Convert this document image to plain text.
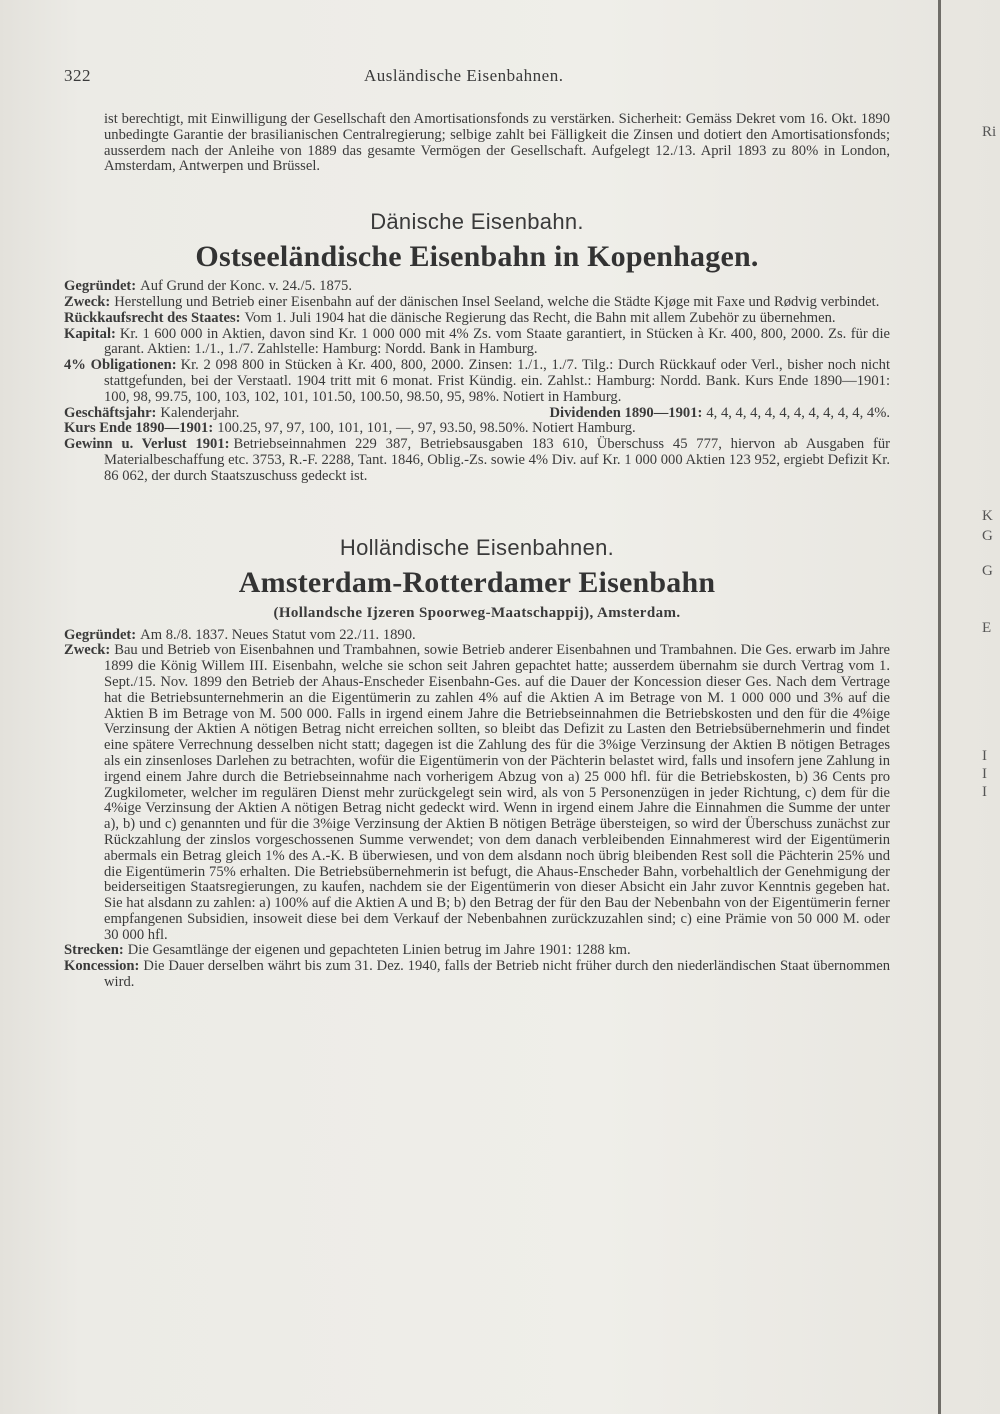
Ri
K
G
G
E
I
I
I
322	Ausländische Eisenbahnen.

ist berechtigt, mit Einwilligung der Gesellschaft den Amortisationsfonds zu verstärken. Sicherheit: Gemäss Dekret vom 16. Okt. 1890 unbedingte Garantie der brasilianischen Centralregierung; selbige zahlt bei Fälligkeit die Zinsen und dotiert den Amortisationsfonds; ausserdem nach der Anleihe von 1889 das gesamte Vermögen der Gesellschaft. Aufgelegt 12./13. April 1893 zu 80% in London, Amsterdam, Antwerpen und Brüssel.

Dänische Eisenbahn.
Ostseeländische Eisenbahn in Kopenhagen.

Gegründet: Auf Grund der Konc. v. 24./5. 1875.

Zweck: Herstellung und Betrieb einer Eisenbahn auf der dänischen Insel Seeland, welche die Städte Kjøge mit Faxe und Rødvig verbindet.

Rückkaufsrecht des Staates: Vom 1. Juli 1904 hat die dänische Regierung das Recht, die Bahn mit allem Zubehör zu übernehmen.

Kapital: Kr. 1 600 000 in Aktien, davon sind Kr. 1 000 000 mit 4% Zs. vom Staate garantiert, in Stücken à Kr. 400, 800, 2000. Zs. für die garant. Aktien: 1./1., 1./7. Zahlstelle: Hamburg: Nordd. Bank in Hamburg.

4% Obligationen: Kr. 2 098 800 in Stücken à Kr. 400, 800, 2000. Zinsen: 1./1., 1./7. Tilg.: Durch Rückkauf oder Verl., bisher noch nicht stattgefunden, bei der Verstaatl. 1904 tritt mit 6 monat. Frist Kündig. ein. Zahlst.: Hamburg: Nordd. Bank. Kurs Ende 1890—1901: 100, 98, 99.75, 100, 103, 102, 101, 101.50, 100.50, 98.50, 95, 98%. Notiert in Hamburg.

Geschäftsjahr: Kalenderjahr.	Dividenden 1890—1901: 4, 4, 4, 4, 4, 4, 4, 4, 4, 4, 4, 4%.

Kurs Ende 1890—1901: 100.25, 97, 97, 100, 101, 101, —, 97, 93.50, 98.50%. Notiert Hamburg.

Gewinn u. Verlust 1901: Betriebseinnahmen 229 387, Betriebsausgaben 183 610, Überschuss 45 777, hiervon ab Ausgaben für Materialbeschaffung etc. 3753, R.-F. 2288, Tant. 1846, Oblig.-Zs. sowie 4% Div. auf Kr. 1 000 000 Aktien 123 952, ergiebt Defizit Kr. 86 062, der durch Staatszuschuss gedeckt ist.

Holländische Eisenbahnen.
Amsterdam-Rotterdamer Eisenbahn
(Hollandsche Ijzeren Spoorweg-Maatschappij), Amsterdam.

Gegründet: Am 8./8. 1837. Neues Statut vom 22./11. 1890.

Zweck: Bau und Betrieb von Eisenbahnen und Trambahnen, sowie Betrieb anderer Eisenbahnen und Trambahnen. Die Ges. erwarb im Jahre 1899 die König Willem III. Eisenbahn, welche sie schon seit Jahren gepachtet hatte; ausserdem übernahm sie durch Vertrag vom 1. Sept./15. Nov. 1899 den Betrieb der Ahaus-Enscheder Eisenbahn-Ges. auf die Dauer der Koncession dieser Ges. Nach dem Vertrage hat die Betriebsunternehmerin an die Eigentümerin zu zahlen 4% auf die Aktien A im Betrage von M. 1 000 000 und 3% auf die Aktien B im Betrage von M. 500 000. Falls in irgend einem Jahre die Betriebseinnahmen die Betriebskosten und den für die 4%ige Verzinsung der Aktien A nötigen Betrag nicht erreichen sollten, so bleibt das Defizit zu Lasten den Betriebsübernehmerin und findet eine spätere Verrechnung desselben nicht statt; dagegen ist die Zahlung des für die 3%ige Verzinsung der Aktien B nötigen Betrages als ein zinsenloses Darlehen zu betrachten, wofür die Eigentümerin von der Pächterin belastet wird, falls und insofern jene Zahlung in irgend einem Jahre durch die Betriebseinnahme nach vorherigem Abzug von a) 25 000 hfl. für die Betriebskosten, b) 36 Cents pro Zugkilometer, welcher im regulären Dienst mehr zurückgelegt sein wird, als von 5 Personenzügen in jeder Richtung, c) dem für die 4%ige Verzinsung der Aktien A nötigen Betrag nicht gedeckt wird. Wenn in irgend einem Jahre die Einnahmen die Summe der unter a), b) und c) genannten und für die 3%ige Verzinsung der Aktien B nötigen Beträge übersteigen, so wird der Überschuss zunächst zur Rückzahlung der zinslos vorgeschossenen Summe verwendet; von dem danach verbleibenden Einnahmerest wird der Eigentümerin abermals ein Betrag gleich 1% des A.-K. B überwiesen, und von dem alsdann noch übrig bleibenden Rest soll die Pächterin 25% und die Eigentümerin 75% erhalten. Die Betriebsübernehmerin ist befugt, die Ahaus-Enscheder Bahn, vorbehaltlich der Genehmigung der beiderseitigen Staatsregierungen, zu kaufen, nachdem sie der Eigentümerin von dieser Absicht ein Jahr zuvor Kenntnis gegeben hat. Sie hat alsdann zu zahlen: a) 100% auf die Aktien A und B; b) den Betrag der für den Bau der Nebenbahn von der Eigentümerin ferner empfangenen Subsidien, insoweit diese bei dem Verkauf der Nebenbahnen zurückzuzahlen sind; c) eine Prämie von 50 000 M. oder 30 000 hfl.

Strecken: Die Gesamtlänge der eigenen und gepachteten Linien betrug im Jahre 1901: 1288 km.

Koncession: Die Dauer derselben währt bis zum 31. Dez. 1940, falls der Betrieb nicht früher durch den niederländischen Staat übernommen wird.
